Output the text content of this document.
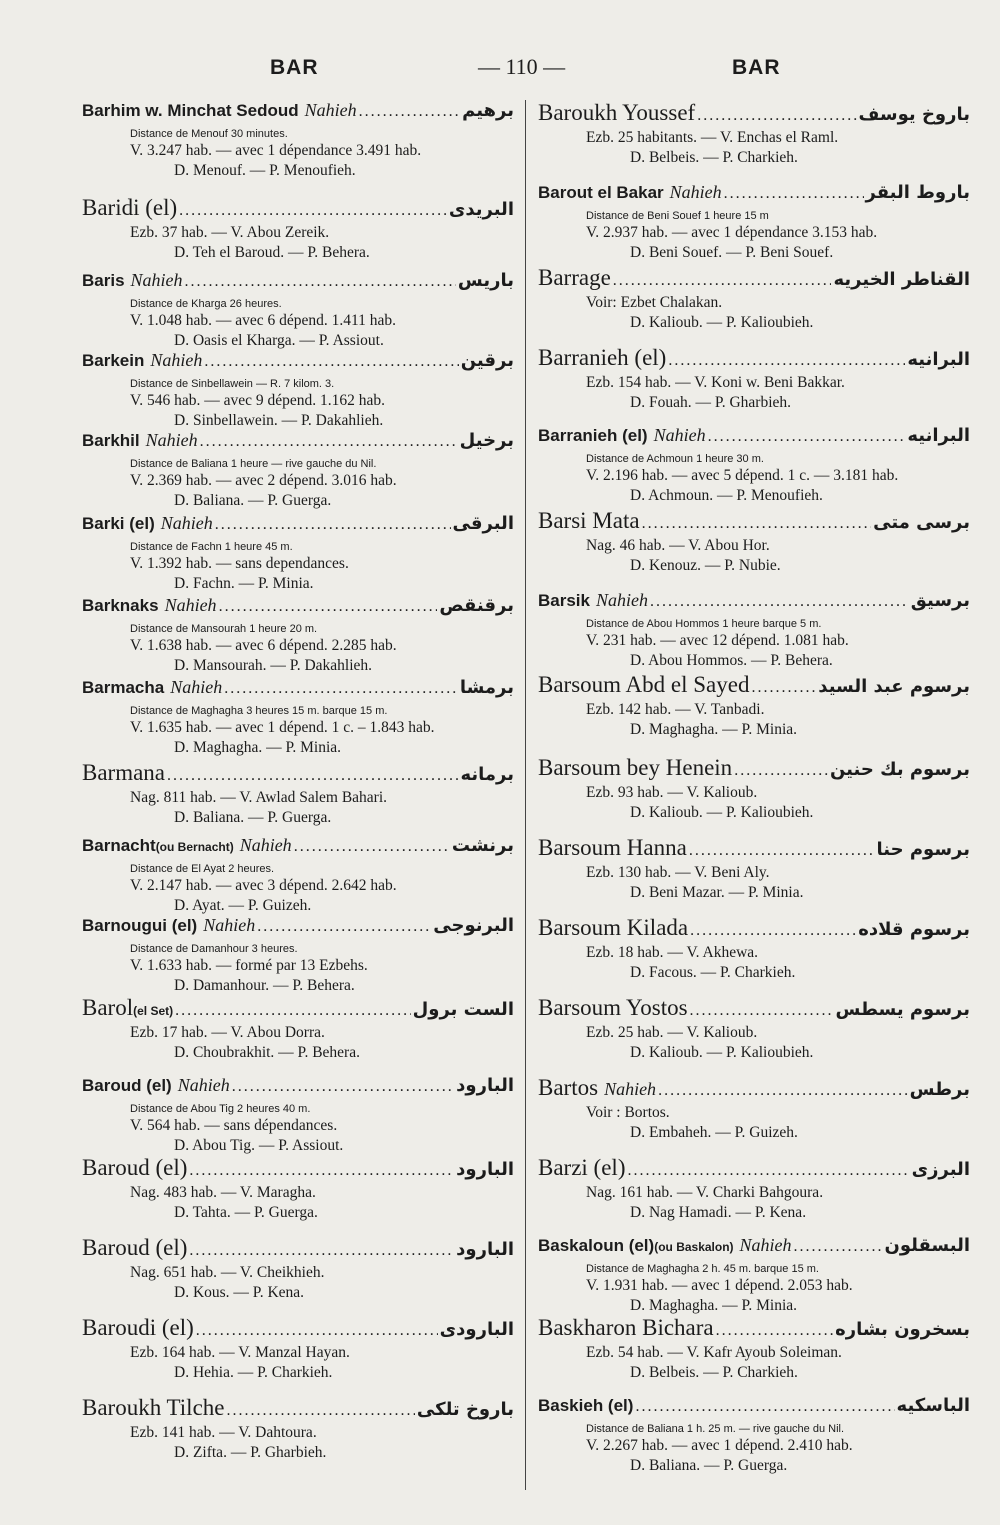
BAR	— 110 —	BAR
Barhim w. Minchat Sedoud Nahieh .....	برهيم
Distance de Menouf 30 minutes.
V. 3.247 hab. — avec 1 dépendance 3.491 hab.
D. Menouf. — P. Menoufieh.
Baridi (el) .....	البريدى
Ezb. 37 hab. — V. Abou Zereik.
D. Teh el Baroud. — P. Behera.
Baris Nahieh .....	باريس
Distance de Kharga 26 heures.
V. 1.048 hab. — avec 6 dépend. 1.411 hab.
D. Oasis el Kharga. — P. Assiout.
Barkein Nahieh .....	برقين
Distance de Sinbellawein — R. 7 kilom. 3.
V. 546 hab. — avec 9 dépend. 1.162 hab.
D. Sinbellawein. — P. Dakahlieh.
Barkhil Nahieh .....	برخيل
Distance de Baliana 1 heure — rive gauche du Nil.
V. 2.369 hab. — avec 2 dépend. 3.016 hab.
D. Baliana. — P. Guerga.
Barki (el) Nahieh .....	البرقى
Distance de Fachn 1 heure 45 m.
V. 1.392 hab. — sans dependances.
D. Fachn. — P. Minia.
Barknaks Nahieh .....	برقنقص
Distance de Mansourah 1 heure 20 m.
V. 1.638 hab. — avec 6 dépend. 2.285 hab.
D. Mansourah. — P. Dakahlieh.
Barmacha Nahieh .....	برمشا
Distance de Maghagha 3 heures 15 m. barque 15 m.
V. 1.635 hab. — avec 1 dépend. 1 c. – 1.843 hab.
D. Maghagha. — P. Minia.
Barmana .....	برمانه
Nag. 811 hab. — V. Awlad Salem Bahari.
D. Baliana. — P. Guerga.
Barnacht (ou Bernacht) Nahieh .....	برنشت
Distance de El Ayat 2 heures.
V. 2.147 hab. — avec 3 dépend. 2.642 hab.
D. Ayat. — P. Guizeh.
Barnougui (el) Nahieh .....	البرنوجى
Distance de Damanhour 3 heures.
V. 1.633 hab. — formé par 13 Ezbehs.
D. Damanhour. — P. Behera.
Barol (el Set) .....	الست برول
Ezb. 17 hab. — V. Abou Dorra.
D. Choubrakhit. — P. Behera.
Baroud (el) Nahieh .....	البارود
Distance de Abou Tig 2 heures 40 m.
V. 564 hab. — sans dépendances.
D. Abou Tig. — P. Assiout.
Baroud (el) .....	البارود
Nag. 483 hab. — V. Maragha.
D. Tahta. — P. Guerga.
Baroud (el) .....	البارود
Nag. 651 hab. — V. Cheikhieh.
D. Kous. — P. Kena.
Baroudi (el) .....	البارودى
Ezb. 164 hab. — V. Manzal Hayan.
D. Hehia. — P. Charkieh.
Baroukh Tilche .....	باروخ تلكى
Ezb. 141 hab. — V. Dahtoura.
D. Zifta. — P. Gharbieh.
Baroukh Youssef .....	باروخ يوسف
Ezb. 25 habitants. — V. Enchas el Raml.
D. Belbeis. — P. Charkieh.
Barout el Bakar Nahieh .....	باروط البقر
Distance de Beni Souef 1 heure 15 m
V. 2.937 hab. — avec 1 dépendance 3.153 hab.
D. Beni Souef. — P. Beni Souef.
Barrage .....	القناطر الخيريه
Voir: Ezbet Chalakan.
D. Kalioub. — P. Kalioubieh.
Barranieh (el) .....	البرانيه
Ezb. 154 hab. — V. Koni w. Beni Bakkar.
D. Fouah. — P. Gharbieh.
Barranieh (el) Nahieh .....	البرانيه
Distance de Achmoun 1 heure 30 m.
V. 2.196 hab. — avec 5 dépend. 1 c. — 3.181 hab.
D. Achmoun. — P. Menoufieh.
Barsi Mata .....	برسى متى
Nag. 46 hab. — V. Abou Hor.
D. Kenouz. — P. Nubie.
Barsik Nahieh .....	برسيق
Distance de Abou Hommos 1 heure barque 5 m.
V. 231 hab. — avec 12 dépend. 1.081 hab.
D. Abou Hommos. — P. Behera.
Barsoum Abd el Sayed .....	برسوم عبد السيد
Ezb. 142 hab. — V. Tanbadi.
D. Maghagha. — P. Minia.
Barsoum bey Henein .....	برسوم بك حنين
Ezb. 93 hab. — V. Kalioub.
D. Kalioub. — P. Kalioubieh.
Barsoum Hanna .....	برسوم حنا
Ezb. 130 hab. — V. Beni Aly.
D. Beni Mazar. — P. Minia.
Barsoum Kilada .....	برسوم قلاده
Ezb. 18 hab. — V. Akhewa.
D. Facous. — P. Charkieh.
Barsoum Yostos .....	برسوم يسطس
Ezb. 25 hab. — V. Kalioub.
D. Kalioub. — P. Kalioubieh.
Bartos Nahieh .....	برطس
Voir : Bortos.
D. Embaheh. — P. Guizeh.
Barzi (el) .....	البرزى
Nag. 161 hab. — V. Charki Bahgoura.
D. Nag Hamadi. — P. Kena.
Baskaloun (el) (ou Baskalon) Nahieh .....	البسقلون
Distance de Maghagha 2 h. 45 m. barque 15 m.
V. 1.931 hab. — avec 1 dépend. 2.053 hab.
D. Maghagha. — P. Minia.
Baskharon Bichara .....	بسخرون بشاره
Ezb. 54 hab. — V. Kafr Ayoub Soleiman.
D. Belbeis. — P. Charkieh.
Baskieh (el) .....	الباسكيه
Distance de Baliana 1 h. 25 m. — rive gauche du Nil.
V. 2.267 hab. — avec 1 dépend. 2.410 hab.
D. Baliana. — P. Guerga.
